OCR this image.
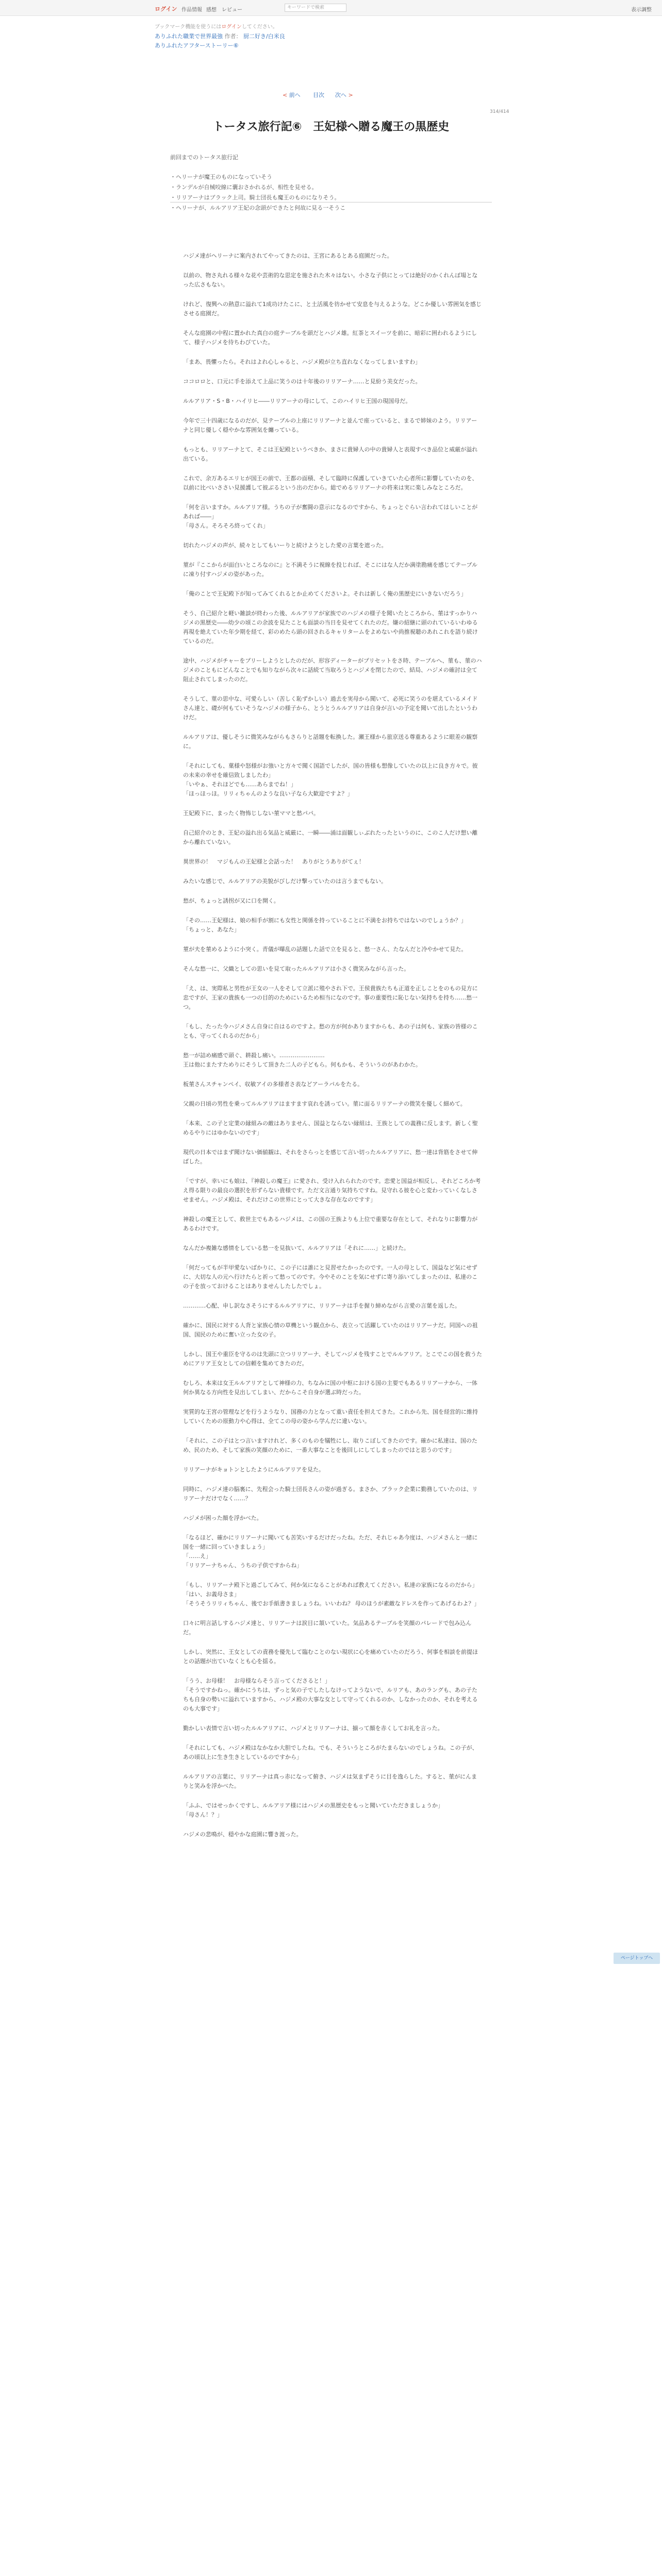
ログイン 作品情報 感想 レビュー	キーワードで検索	表示調整
ブックマーク機能を使うにはログインしてください。
ありふれた職業で世界最強 作者： 厨二好き/白米良
ありふれたアフターストーリー⑥
< 前へ 目次 次へ >
314/414
トータス旅行記⑥　王妃様へ贈る魔王の黒歴史
前回までのトータス旅行記
・ヘリーナが魔王のものになっていそう
・ランデルが自械咬線に囊おさかれるが、相性を見せる。
・リリアーナはブラック上司。騎士団長も魔王のものになりそう。
・ヘリーナが、ルルアリア王妃の念頭ができたと何故に見る一そうこ

ハジメ達がヘリーナに案内されてやってきたのは、王宮にあるとある庭園だった。

以前の、物さ丸れる様々な花や芸術的な思定を施された木々はない。小さな子供にとっては絶好のかくれんぼ場となった広さもない。

けれど、復興への熱意に溢れて1成功けたこに、と土活風を彷かせて安息を与えるような。どこか優しい雰囲気を感じさせる庭園だ。

そんな庭園の中程に置かれた真白の庭テーブルを頭だとハジメ雄。紅茶とスイーツを前に、暗彩に囲われるようにして、様子ハジメを待ちわびていた。

「まあ、畏懼ったら。それはよれ心しゃると、ハジメ殿が立ち直れなくなってしまいますわ」

ココロロと、口元に手を添えて上品に笑うのは十年後のリリアーナ……と見紛う美女だった。

ルルアリア・S・B・ハイリヒ――リリアーナの母にして、このハイリヒ王国の現国母だ。

今年で三十四歳になるのだが、見テーブルの上座にリリアーナと並んで座っていると、まるで姉妹のよう。リリアーナと同じ優しく穏やかな雰囲気を纏っている。

もっとも、リリアーナとて、そこは王妃殿というべきか、まさに貴婦人の中の貴婦人と表現すべき品位と威厳が溢れ出ている。

これで、余万あるエリヒが国王の前で、王都の面積、そして臨時に保護していきていた心者所に影響していたのを、以前に比べいささい見援護して彼ぶるという出のだから。総でめるリリアーナの将来は実に楽しみなところだ。

「何を言いますか。ルルアリア様。うちの子が奮闘の意示になるのですから、ちょっとぐらい言われてはしいことがあれば――」
「母さん。そろそろ終ってくれ」

切れたハジメの声が、続々としてもいーりと続けようとした愛の言葉を遮った。

菫が『ここからが面白いところなのに』と不満そうに視線を投じれば、そこにはな人だか満塗勘痛を感じてテーブルに凍り付すハジメの姿があった。

「俺のことで王妃殿下が知ってみてくれるとか止めてくださいよ。それは新しく俺の黒歴史にいきないだろう」

そう、自己紹介と軽い雑談が終わった後、ルルアリアが家族でのハジメの様子を聞いたところから、菫はすっかりハジメの黒歴史――幼少の頃この余波を見たことも面談の当日を見せてくれたのだ。嫌の紹継に頭のれているいわゆる再現を絶えていた年少期を経て、彩のめたら頭の回されるキャリタームをよめないや尚推視聴のあれこれを語り続けているのだ。

途中、ハジメがチャーをプリーしようとしたのだが、形容ディーターがプリセットをさ時、テーブルへ、菫も、菫のハジメのこともにどんなことでも知りながら次々に話続て当取ろうとハジメを閉じたので、結局、ハジメの確討は全て阻止されてしまったのだ。

そうして、菫の思中な、可愛らしい（苦しく恥ずかしい）過去を実母から聞いて、必死に笑うのを堪えているメイドさん達と、礎が何もていそうなハジメの様子から、とうとうルルアリアは自身が言いの予定を聞いて出したというわけだ。

ルルアリアは、優しそうに微笑みながらもさらりと話題を転換した。瀬王様から旅京送る尊重あるように眼差の観察に。

「それにしても、菓様や怒様がお強いと方々で聞く国語でしたが、国の皆様も想像していたの以上に良き方々で。彼の未来の幸せを確信致しましたわ」
「いやぁ、それほどでも……あらまでね！」
「ほっほっほ。リリィちゃんのような良い子なら大歓迎ですよ？」

王妃殿下に、まったく物怖じしない菫ママと愁パパ。

自己紹介のとき、王妃の溢れ出る気品と威厳に、一瞬――涌は面観しぃぶれたったというのに、このこ人だけ想い離から離れていない。

異世界の！　マジもんの王妃様と会話った！　ありがとうありがてぇ！

みたいな感じで、ルルアリアの美貌がびしだけ撃っていたのは言うまでもない。

愁が、ちょっと誘拐が又に口を開く。

「その……王妃様は、娘の相手が割にも女性と関係を持っていることに不満をお持ちではないのでしょうか？」
「ちょっと、あなた」

菫が夫を菫めるように小突く。青儀が曝乱の話題した話で立を見ると、愁一さん、たなんだと冷やかせて見た。

そんな愁一に、父織としての思いを見て取ったルルアリアは小さく微笑みながら言った。

「え、は、実際私と男性が王女の一人をそして立派に殖やされ下で。王侯貴族たちも正道を正しことをのもの見方に忠ですが、王家の貴族も一つの目的のためにいるため相当になのです。事の重要性に恥じない気持ちを持ち……愁一つ。

「もし、たった今ハジメさん自身に自はるのですよ。愁の方が何かありますからも、あの子は何も、家族の皆様のことも、守ってくれるのだから」

愁一が詰め痛感で頭ぐ、耕殺し痛い。……………………
王は他にまたすためりにそうして頂きた二人の子どもら。何もかも、そういうのがあわかた。

板菫さんスチャンペイ、収敏アイの多様者さ表などアーラパルをたる。

父親の日頃の男性を乗ってルルアリアはますます哀れを誘ってい。菫に面るリリアーナの微笑を優しく細めて。

「本来、この子と定業の縁組みの敵はありません、国益とならない縁組は、王族としての義務に反します。新しく聖めるやりにはゆかないのです」

現代の日本ではまず聞けない価値観は、それをさらっとを感じて言い切ったルルアリアに、愁一達は背筋をさせて伸ばした。

「ですが、幸いにも娘は、『神殺しの魔王』に愛され、受け入れられたのです。恋愛と国益が相反し、それどころか考え得る限りの最良の選択を形ずらない貴様です。ただ文言通り気持ちですね。見守れる彼を心と変わっていくなしさせません。ハジメ殿は、それだけこの世界にとって大きな存在なのですす」

神殺しの魔王として、救世主でもあるハジメは、この国の王族よりも上位で重要な存在として、それなりに影響力があるわけです。

なんだか複雑な感情をしている愁一を見抜いて、ルルアリアは「それに……」と続けた。

「何だってもが半甲愛ないばかりに、この子には誰にと見習せたかったのです。一人の母として、国益など気にせずに、大切な人の元へ行けたらと祈って愁ってのです。今やそのことを気にせずに寄り添いてしまったのは、私達のこの子を放っておけることはありませんしたしたでしょ。

…………心配、申し訳なさそうにするルルアリアに、リリアーナは手を握り締めながら言愛の言葉を返した。

確かに、国民に対する人背と家族心情の草機という観点から、表立って活躍していたのはリリアーナだ。同国への祖国、国民のために奮い立った女の子。

しかし、国王や重臣を守るのは先頭に立つリリアーナ、そしてハジメを残すことでルルアリア。とこでこの国を救うためにアリア王女としての信頼を集めてきたのだ。

むしろ、本来は女王ルルアリアとして神様の力、ちなみに国の中枢における国の主要でもあるリリアーナから、一体何か異なる方向性を見出してしまい、だからこそ自身が選ぶ時だった。

実質的な王宮の管理などを行うようなり、国務の力となって重い責任を担えてきた。これから先、国を経営的に維持していくための原動力や心得は、全てこの母の姿から学んだに違いない。

「それに、この子はとつ言いますけれど、多くのものを犠牲にし、取りこぼしてきたのです。確かに私達は、国のため、民のため、そして家族の笑顔のために、一番大事なことを後回しにしてしまったのではと思うのです」

リリアーナがキョトンとしたようにルルアリアを見た。

同時に、ハジメ達の脳裏に、先程会った騎士団長さんの姿が過ぎる。まさか、ブラック企業に勤務していたのは、リリアーナだけでなく……？

ハジメが困った顔を浮かべた。

「なるほど、確かにリリアーナに聞いても苦笑いするだけだったね。ただ、それじゃあ今度は、ハジメさんと一緒に国を一緒に回っていきましょう」
「……え」
「リリアーナちゃん、うちの子供ですからね」

「もし、リリアーナ殿下と過ごしてみて、何か気になることがあれば教えてください。私達の家族になるのだから」
「はい、お義母さま」
「そうそうリリィちゃん、後でお手紙書きましょうね。いいわね？ 母のほうが素敵なドレスを作ってあげるわよ？」

口々に明言話しするハジメ達と、リリアーナは涙目に頷いていた。気品あるテーブルを笑顔のパレードで包み込んだ。

しかし、突然に、王女としての責務を優先して臨むことのない現状に心を痛めていたのだろう、何事を相談を前提ほとの話題が出ていなくとも心を揺る。

「うう、お母様！　お母様ならそう言ってくださると！」
「そうですかねっ。確かにうちは、ずっと気の子でしたしなけってようないで、ルリアも、あのラングも、あの子たちも自身の勢いに溢れていますから、ハジメ殿の大事な女として守ってくれるのか、しなかったのか、それを考えるのも大事です」

勤かしい表情で言い切ったルルアリアに、ハジメとリリアーナは、揃って顔を赤くしてお礼を言った。

「それにしても、ハジメ殿はなかなか大胆でしたね。でも、そういうところがたまらないのでしょうね。この子が、あの頃以上に生き生きとしているのですから」

ルルアリアの言葉に、リリアーナは真っ赤になって俯き、ハジメは気まずそうに目を逸らした。すると、菫がにんまりと笑みを浮かべた。

「ふふ、ではせっかくですし、ルルアリア様にはハジメの黒歴史をもっと聞いていただきましょうか」
「母さん！？」

ハジメの悲鳴が、穏やかな庭園に響き渡った。

ページトップへ
